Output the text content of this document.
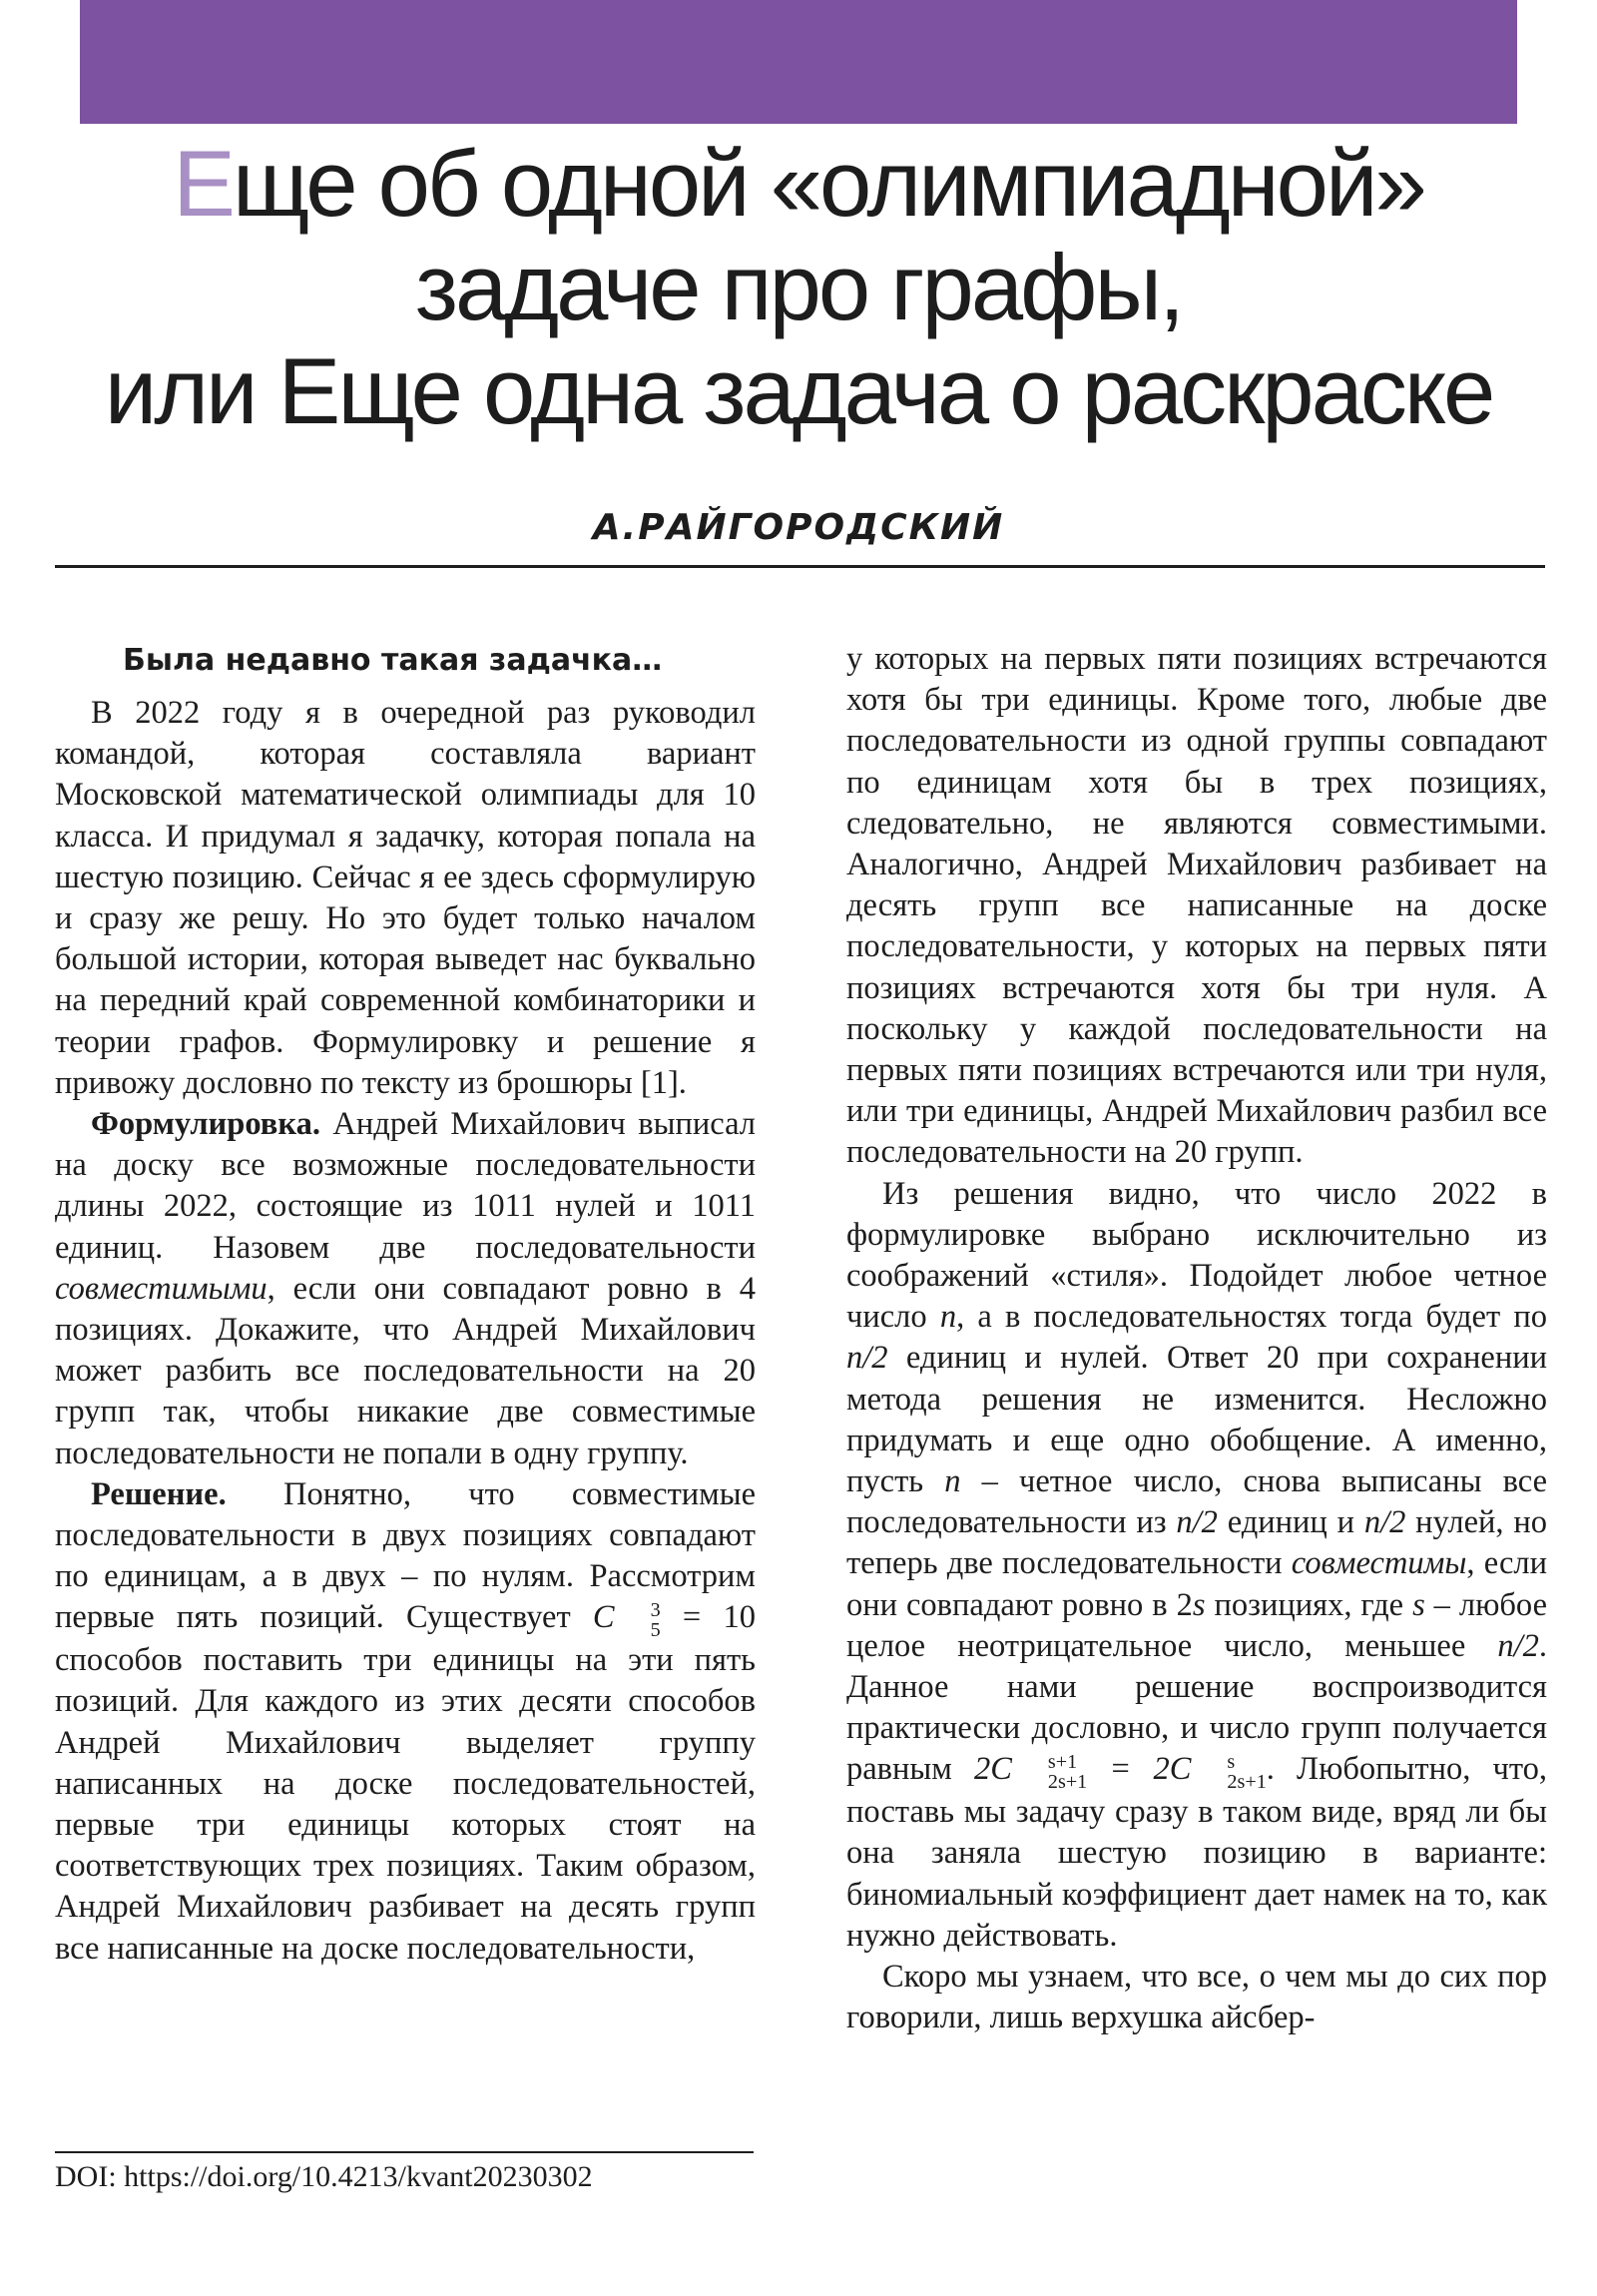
Еще об одной «олимпиадной»
задаче про графы,
или Еще одна задача о раскраске
А.РАЙГОРОДСКИЙ
Была недавно такая задачка…

В 2022 году я в очередной раз руководил командой, которая составляла вариант Московской математической олимпиады для 10 класса. И придумал я задачку, которая попала на шестую позицию. Сейчас я ее здесь сформулирую и сразу же решу. Но это будет только началом большой истории, которая выведет нас буквально на передний край современной комбинаторики и теории графов. Формулировку и решение я привожу дословно по тексту из брошюры [1].

Формулировка. Андрей Михайлович выписал на доску все возможные последовательности длины 2022, состоящие из 1011 нулей и 1011 единиц. Назовем две последовательности совместимыми, если они совпадают ровно в 4 позициях. Докажите, что Андрей Михайлович может разбить все последовательности на 20 групп так, чтобы никакие две совместимые последовательности не попали в одну группу.

Решение. Понятно, что совместимые последовательности в двух позициях совпадают по единицам, а в двух – по нулям. Рассмотрим первые пять позиций. Существует C	3
5 = 10 способов поставить три единицы на эти пять позиций. Для каждого из этих десяти способов Андрей Михайлович выделяет группу написанных на доске последовательностей, первые три единицы которых стоят на соответствующих трех позициях. Таким образом, Андрей Михайлович разбивает на десять групп все написанные на доске последовательности,

у которых на первых пяти позициях встречаются хотя бы три единицы. Кроме того, любые две последовательности из одной группы совпадают по единицам хотя бы в трех позициях, следовательно, не являются совместимыми. Аналогично, Андрей Михайлович разбивает на десять групп все написанные на доске последовательности, у которых на первых пяти позициях встречаются хотя бы три нуля. А поскольку у каждой последовательности на первых пяти позициях встречаются или три нуля, или три единицы, Андрей Михайлович разбил все последовательности на 20 групп.

Из решения видно, что число 2022 в формулировке выбрано исключительно из соображений «стиля». Подойдет любое четное число n, а в последовательностях тогда будет по n/2 единиц и нулей. Ответ 20 при сохранении метода решения не изменится. Несложно придумать и еще одно обобщение. А именно, пусть n – четное число, снова выписаны все последовательности из n/2 единиц и n/2 нулей, но теперь две последовательности совместимы, если они совпадают ровно в 2s позициях, где s – любое целое неотрицательное число, меньшее n/2. Данное нами решение воспроизводится практически дословно, и число групп получается равным 2C	s+1
2s+1 = 2C	s
2s+1 . Любопытно, что, поставь мы задачу сразу в таком виде, вряд ли бы она заняла шестую позицию в варианте: биномиальный коэффициент дает намек на то, как нужно действовать.

Скоро мы узнаем, что все, о чем мы до сих пор говорили, лишь верхушка айсбер-

DOI: https://doi.org/10.4213/kvant20230302
